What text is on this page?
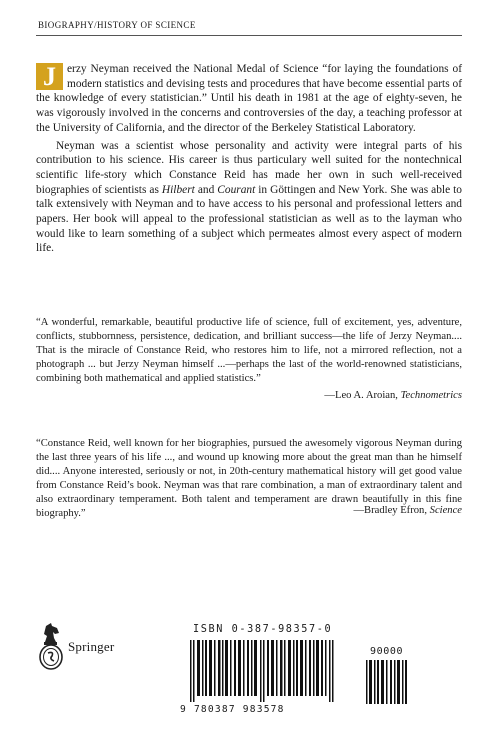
BIOGRAPHY/HISTORY OF SCIENCE

J erzy Neyman received the National Medal of Science “for laying the foundations of modern statistics and devising tests and procedures that have become essential parts of the knowledge of every statistician.” Until his death in 1981 at the age of eighty-seven, he was vigorously involved in the concerns and controversies of the day, a teaching professor at the University of California, and the director of the Berkeley Statistical Laboratory.

Neyman was a scientist whose personality and activity were integral parts of his contribution to his science. His career is thus particulary well suited for the nontechnical scientific life-story which Constance Reid has made her own in such well-received biographies of scientists as Hilbert and Courant in Göttingen and New York. She was able to talk extensively with Neyman and to have access to his personal and professional letters and papers. Her book will appeal to the professional statistician as well as to the layman who would like to learn something of a subject which permeates almost every aspect of modern life.

“A wonderful, remarkable, beautiful productive life of science, full of excitement, yes, adventure, conflicts, stubbornness, persistence, dedication, and brilliant success—the life of Jerzy Neyman.... That is the miracle of Constance Reid, who restores him to life, not a mirrored reflection, not a photograph ... but Jerzy Neyman himself ...—perhaps the last of the world-renowned statisticians, combining both mathematical and applied statistics.”

—Leo A. Aroian, Technometrics

“Constance Reid, well known for her biographies, pursued the awesomely vigorous Neyman during the last three years of his life ..., and wound up knowing more about the great man than he himself did.... Anyone interested, seriously or not, in 20th-century mathematical history will get good value from Constance Reid’s book. Neyman was that rare combination, a man of extraordinary talent and also extraordinary temperament. Both talent and temperament are drawn beautifully in this fine biography.”	—Bradley Efron, Science
Springer
ISBN 0-387-98357-0
90000
9 780387 983578
